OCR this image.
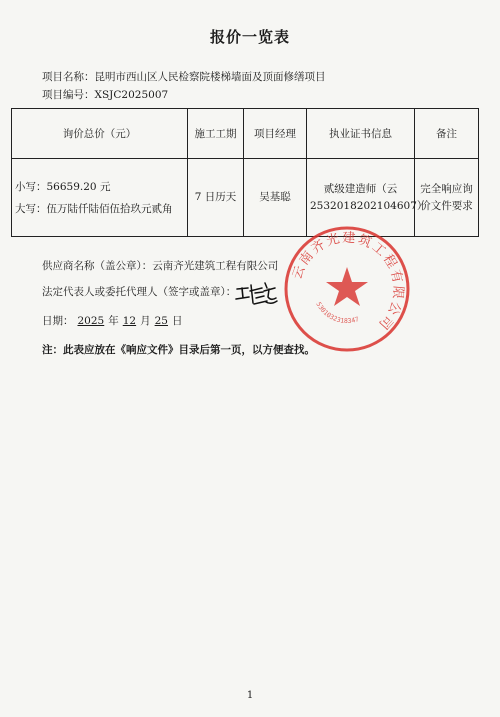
报价一览表
项目名称：昆明市西山区人民检察院楼梯墙面及顶面修缮项目
项目编号：XSJC2025007
询价总价（元）	施工工期	项目经理	执业证书信息	备注

小写：56659.20 元
大写：伍万陆仟陆佰伍拾玖元贰角	7 日历天	吴基聪	贰级建造师（云2532018202104607）	完全响应询价文件要求
供应商名称（盖公章）：云南齐光建筑工程有限公司
法定代表人或委托代理人（签字或盖章）：
日期： 2025 年 12 月 25 日
注：此表应放在《响应文件》目录后第一页，以方便查找。
云南齐光建筑工程有限公司
5301032318347
1
